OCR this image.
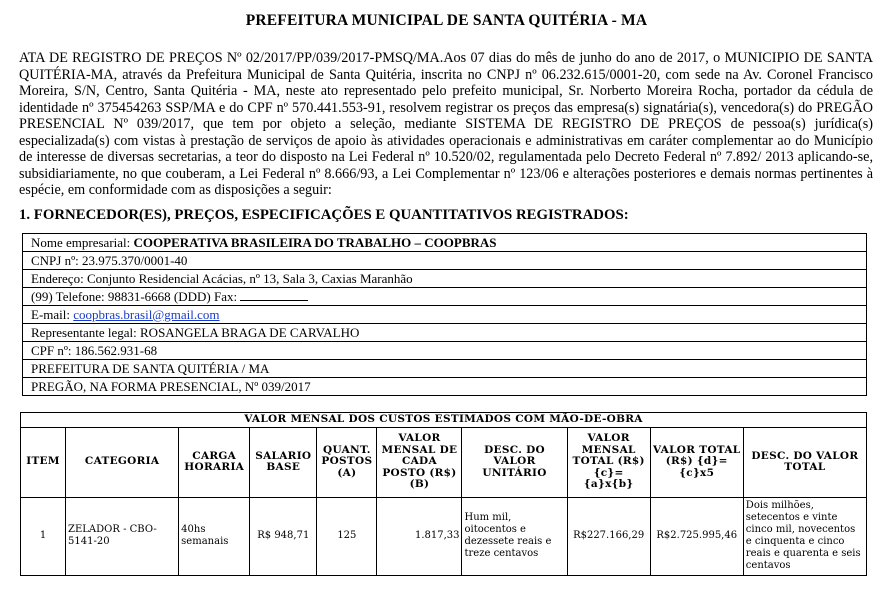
PREFEITURA MUNICIPAL DE SANTA QUITÉRIA - MA
ATA DE REGISTRO DE PREÇOS Nº 02/2017/PP/039/2017-PMSQ/MA.Aos 07 dias do mês de junho do ano de 2017, o MUNICIPIO DE SANTA QUITÉRIA-MA, através da Prefeitura Municipal de Santa Quitéria, inscrita no CNPJ nº 06.232.615/0001-20, com sede na Av. Coronel Francisco Moreira, S/N, Centro, Santa Quitéria - MA, neste ato representado pelo prefeito municipal, Sr. Norberto Moreira Rocha, portador da cédula de identidade nº 375454263 SSP/MA e do CPF nº 570.441.553-91, resolvem registrar os preços das empresa(s) signatária(s), vencedora(s) do PREGÃO PRESENCIAL Nº 039/2017, que tem por objeto a seleção, mediante SISTEMA DE REGISTRO DE PREÇOS de pessoa(s) jurídica(s) especializada(s) com vistas à prestação de serviços de apoio às atividades operacionais e administrativas em caráter complementar ao do Município de interesse de diversas secretarias, a teor do disposto na Lei Federal nº 10.520/02, regulamentada pelo Decreto Federal nº 7.892/ 2013 aplicando-se, subsidiariamente, no que couberam, a Lei Federal nº 8.666/93, a Lei Complementar nº 123/06 e alterações posteriores e demais normas pertinentes à espécie, em conformidade com as disposições a seguir:
1. FORNECEDOR(ES), PREÇOS, ESPECIFICAÇÕES E QUANTITATIVOS REGISTRADOS:
Nome empresarial: COOPERATIVA BRASILEIRA DO TRABALHO – COOPBRAS
CNPJ nº: 23.975.370/0001-40
Endereço: Conjunto Residencial Acácias, nº 13, Sala 3, Caxias Maranhão
(99) Telefone: 98831-6668 (DDD) Fax:
E-mail: coopbras.brasil@gmail.com
Representante legal: ROSANGELA BRAGA DE CARVALHO
CPF nº: 186.562.931-68
PREFEITURA DE SANTA QUITÉRIA / MA
PREGÃO, NA FORMA PRESENCIAL, Nº 039/2017
VALOR MENSAL DOS CUSTOS ESTIMADOS COM MÃO-DE-OBRA									
ITEM	CATEGORIA	CARGA HORARIA	SALARIO BASE	QUANT. POSTOS (A)	VALOR MENSAL DE CADA POSTO (R$) (B)	DESC. DO VALOR UNITÁRIO	VALOR MENSAL TOTAL (R$) {c}={a}x{b}	VALOR TOTAL (R$) {d}={c}x5	DESC. DO VALOR TOTAL
1	ZELADOR - CBO-5141-20	40hs semanais	R$ 948,71	125	1.817,33	Hum mil, oitocentos e dezessete reais e treze centavos	R$227.166,29	R$2.725.995,46	Dois milhões, setecentos e vinte cinco mil, novecentos e cinquenta e cinco reais e quarenta e seis centavos
